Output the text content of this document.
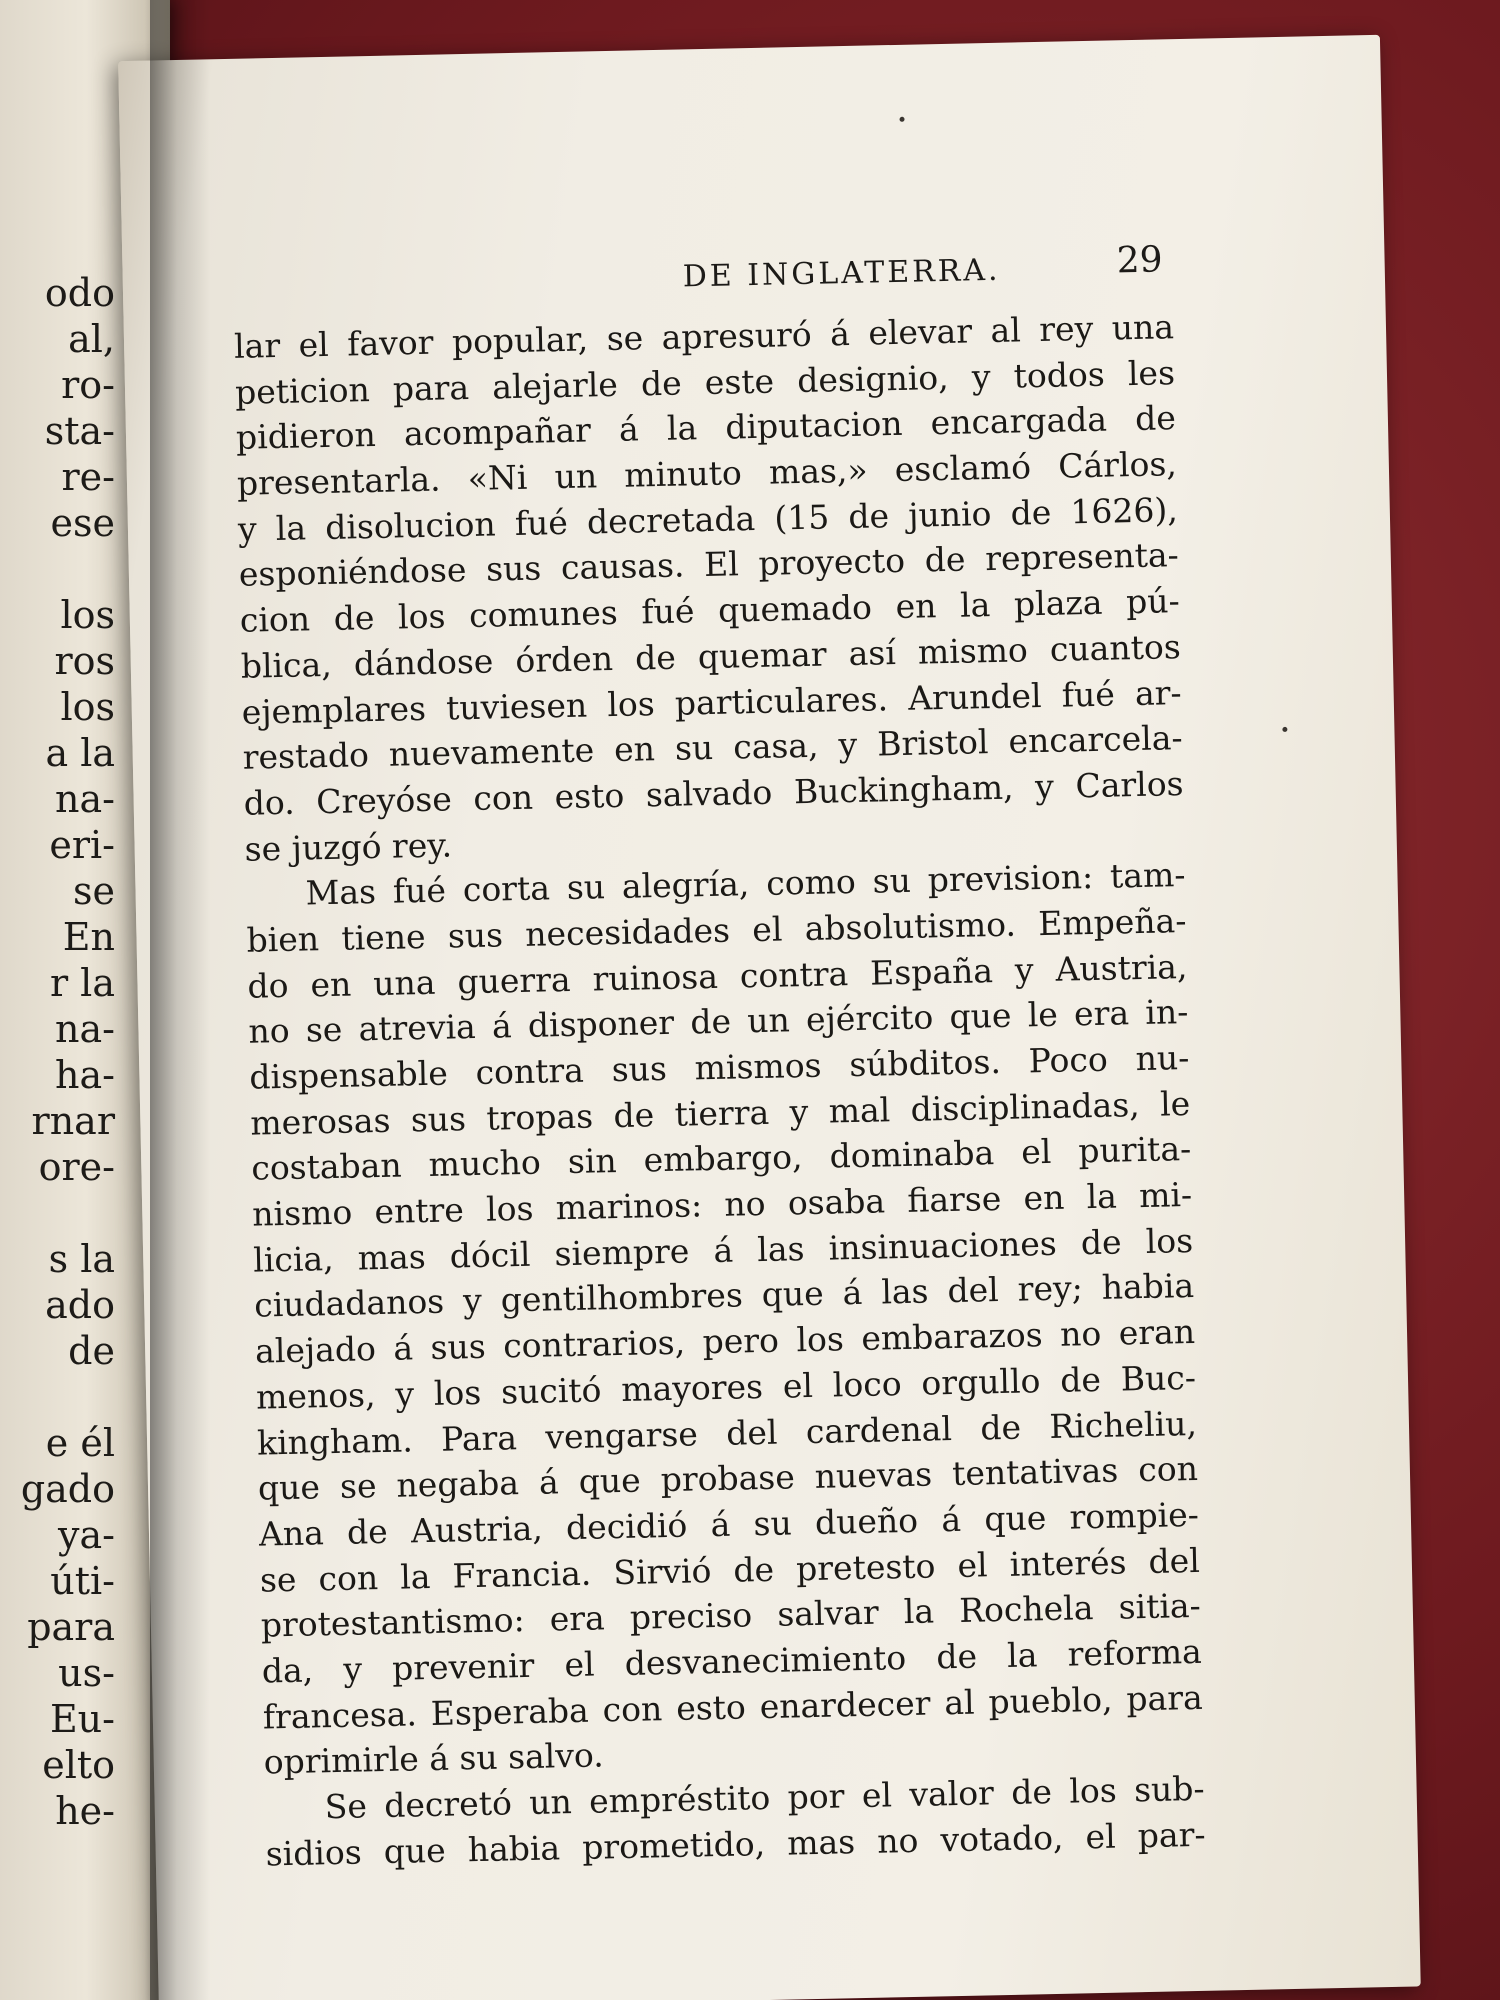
odo
al,
ro-
sta-
re-
ese
los
ros
los
a la
na-
eri-
se
En
r la
na-
ha-
rnar
ore-
s la
ado
de
e él
gado
ya-
úti-
para
us-
Eu-
elto
he-
DE INGLATERRA.	29
lar el favor popular, se apresuró á elevar al rey una
peticion para alejarle de este designio, y todos les
pidieron acompañar á la diputacion encargada de
presentarla. «Ni un minuto mas,» esclamó Cárlos,
y la disolucion fué decretada (15 de junio de 1626),
esponiéndose sus causas. El proyecto de representa-
cion de los comunes fué quemado en la plaza pú-
blica, dándose órden de quemar así mismo cuantos
ejemplares tuviesen los particulares. Arundel fué ar-
restado nuevamente en su casa, y Bristol encarcela-
do. Creyóse con esto salvado Buckingham, y Carlos
se juzgó rey.
Mas fué corta su alegría, como su prevision: tam-
bien tiene sus necesidades el absolutismo. Empeña-
do en una guerra ruinosa contra España y Austria,
no se atrevia á disponer de un ejército que le era in-
dispensable contra sus mismos súbditos. Poco nu-
merosas sus tropas de tierra y mal disciplinadas, le
costaban mucho sin embargo, dominaba el purita-
nismo entre los marinos: no osaba fiarse en la mi-
licia, mas dócil siempre á las insinuaciones de los
ciudadanos y gentilhombres que á las del rey; habia
alejado á sus contrarios, pero los embarazos no eran
menos, y los sucitó mayores el loco orgullo de Buc-
kingham. Para vengarse del cardenal de Richeliu,
que se negaba á que probase nuevas tentativas con
Ana de Austria, decidió á su dueño á que rompie-
se con la Francia. Sirvió de pretesto el interés del
protestantismo: era preciso salvar la Rochela sitia-
da, y prevenir el desvanecimiento de la reforma
francesa. Esperaba con esto enardecer al pueblo, para
oprimirle á su salvo.
Se decretó un empréstito por el valor de los sub-
sidios que habia prometido, mas no votado, el par-
